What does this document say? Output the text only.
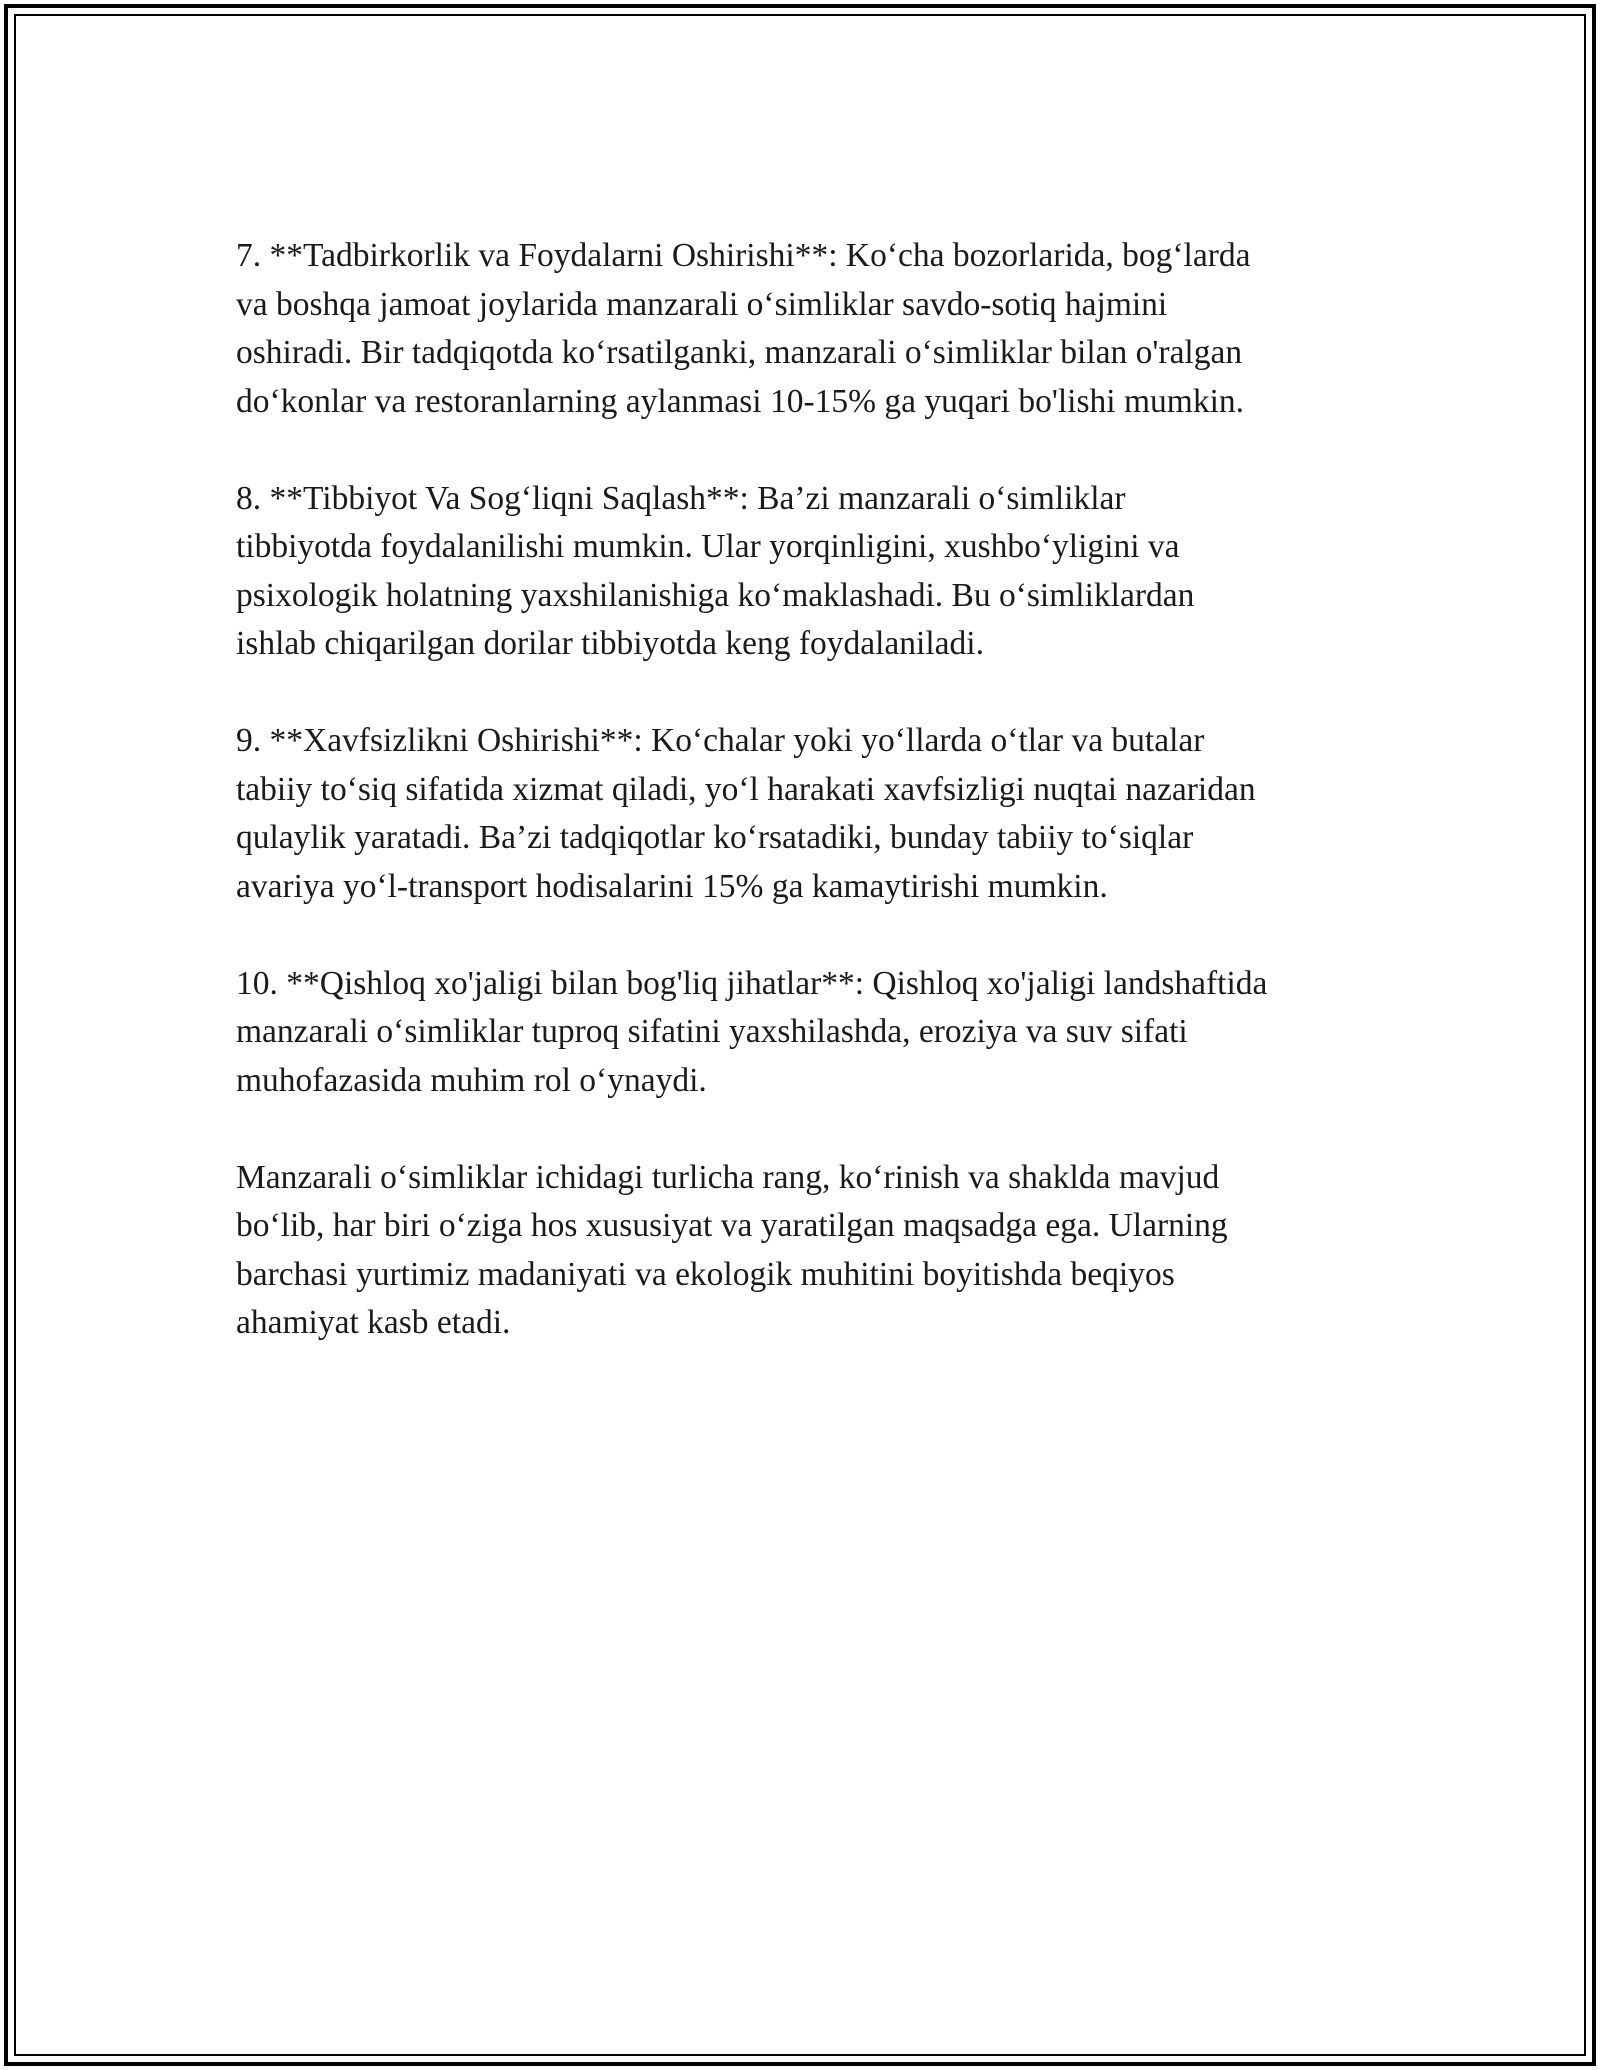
7. **Tadbirkorlik va Foydalarni Oshirishi**: Ko‘cha bozorlarida, bog‘larda
va boshqa jamoat joylarida manzarali o‘simliklar savdo-sotiq hajmini
oshiradi. Bir tadqiqotda ko‘rsatilganki, manzarali o‘simliklar bilan o'ralgan
do‘konlar va restoranlarning aylanmasi 10-15% ga yuqari bo'lishi mumkin.

8. **Tibbiyot Va Sog‘liqni Saqlash**: Ba’zi manzarali o‘simliklar
tibbiyotda foydalanilishi mumkin. Ular yorqinligini, xushbo‘yligini va
psixologik holatning yaxshilanishiga ko‘maklashadi. Bu o‘simliklardan
ishlab chiqarilgan dorilar tibbiyotda keng foydalaniladi.

9. **Xavfsizlikni Oshirishi**: Ko‘chalar yoki yo‘llarda o‘tlar va butalar
tabiiy to‘siq sifatida xizmat qiladi, yo‘l harakati xavfsizligi nuqtai nazaridan
qulaylik yaratadi. Ba’zi tadqiqotlar ko‘rsatadiki, bunday tabiiy to‘siqlar
avariya yo‘l-transport hodisalarini 15% ga kamaytirishi mumkin.

10. **Qishloq xo'jaligi bilan bog'liq jihatlar**: Qishloq xo'jaligi landshaftida
manzarali o‘simliklar tuproq sifatini yaxshilashda, eroziya va suv sifati
muhofazasida muhim rol o‘ynaydi.

Manzarali o‘simliklar ichidagi turlicha rang, ko‘rinish va shaklda mavjud
bo‘lib, har biri o‘ziga hos xususiyat va yaratilgan maqsadga ega. Ularning
barchasi yurtimiz madaniyati va ekologik muhitini boyitishda beqiyos
ahamiyat kasb etadi.
